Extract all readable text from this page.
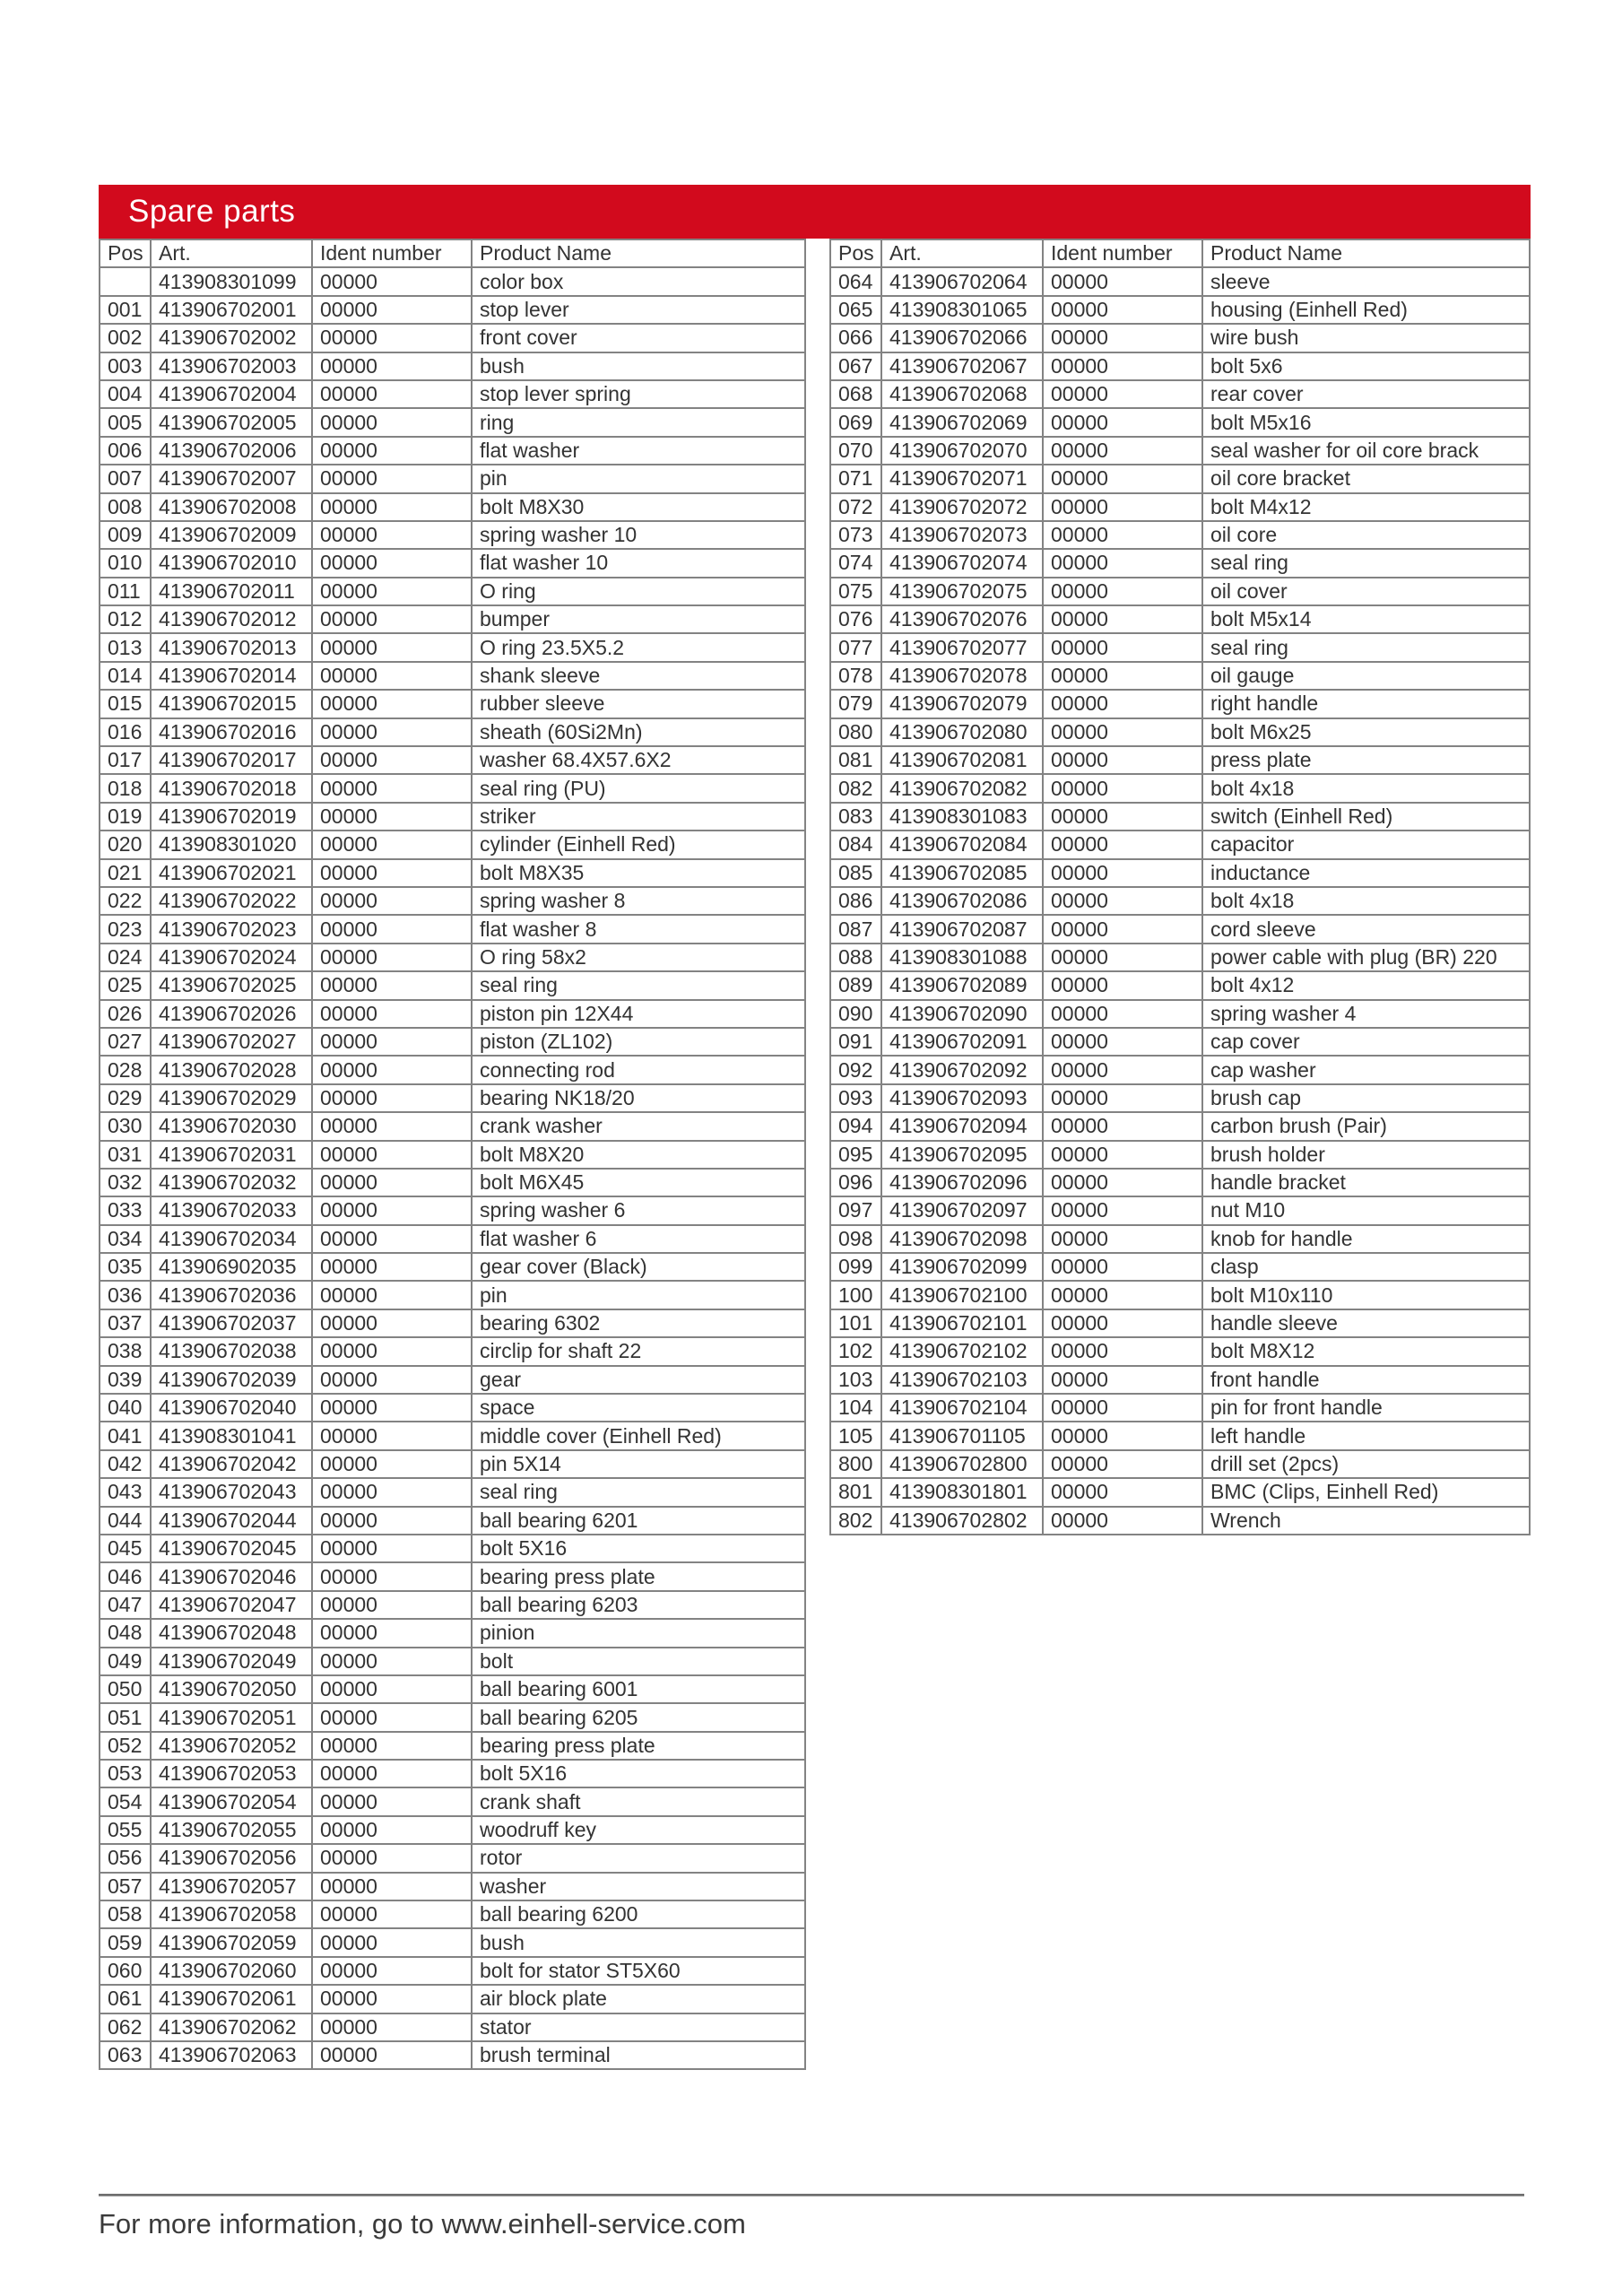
Spare parts
Pos	Art.	Ident number	Product Name
	413908301099	00000	color box
001	413906702001	00000	stop lever
002	413906702002	00000	front cover
003	413906702003	00000	bush
004	413906702004	00000	stop lever spring
005	413906702005	00000	ring
006	413906702006	00000	flat washer
007	413906702007	00000	pin
008	413906702008	00000	bolt M8X30
009	413906702009	00000	spring washer 10
010	413906702010	00000	flat washer 10
011	413906702011	00000	O ring
012	413906702012	00000	bumper
013	413906702013	00000	O ring 23.5X5.2
014	413906702014	00000	shank sleeve
015	413906702015	00000	rubber sleeve
016	413906702016	00000	sheath (60Si2Mn)
017	413906702017	00000	washer 68.4X57.6X2
018	413906702018	00000	seal ring (PU)
019	413906702019	00000	striker
020	413908301020	00000	cylinder (Einhell Red)
021	413906702021	00000	bolt M8X35
022	413906702022	00000	spring washer 8
023	413906702023	00000	flat washer 8
024	413906702024	00000	O ring 58x2
025	413906702025	00000	seal ring
026	413906702026	00000	piston pin 12X44
027	413906702027	00000	piston (ZL102)
028	413906702028	00000	connecting rod
029	413906702029	00000	bearing NK18/20
030	413906702030	00000	crank washer
031	413906702031	00000	bolt M8X20
032	413906702032	00000	bolt M6X45
033	413906702033	00000	spring washer 6
034	413906702034	00000	flat washer 6
035	413906902035	00000	gear cover (Black)
036	413906702036	00000	pin
037	413906702037	00000	bearing 6302
038	413906702038	00000	circlip for shaft 22
039	413906702039	00000	gear
040	413906702040	00000	space
041	413908301041	00000	middle cover (Einhell Red)
042	413906702042	00000	pin 5X14
043	413906702043	00000	seal ring
044	413906702044	00000	ball bearing 6201
045	413906702045	00000	bolt 5X16
046	413906702046	00000	bearing press plate
047	413906702047	00000	ball bearing 6203
048	413906702048	00000	pinion
049	413906702049	00000	bolt
050	413906702050	00000	ball bearing 6001
051	413906702051	00000	ball bearing 6205
052	413906702052	00000	bearing press plate
053	413906702053	00000	bolt 5X16
054	413906702054	00000	crank shaft
055	413906702055	00000	woodruff key
056	413906702056	00000	rotor
057	413906702057	00000	washer
058	413906702058	00000	ball bearing 6200
059	413906702059	00000	bush
060	413906702060	00000	bolt for stator ST5X60
061	413906702061	00000	air block plate
062	413906702062	00000	stator
063	413906702063	00000	brush terminal
Pos	Art.	Ident number	Product Name
064	413906702064	00000	sleeve
065	413908301065	00000	housing (Einhell Red)
066	413906702066	00000	wire bush
067	413906702067	00000	bolt 5x6
068	413906702068	00000	rear cover
069	413906702069	00000	bolt M5x16
070	413906702070	00000	seal washer for oil core brack
071	413906702071	00000	oil core bracket
072	413906702072	00000	bolt M4x12
073	413906702073	00000	oil core
074	413906702074	00000	seal ring
075	413906702075	00000	oil cover
076	413906702076	00000	bolt M5x14
077	413906702077	00000	seal ring
078	413906702078	00000	oil gauge
079	413906702079	00000	right handle
080	413906702080	00000	bolt M6x25
081	413906702081	00000	press plate
082	413906702082	00000	bolt 4x18
083	413908301083	00000	switch (Einhell Red)
084	413906702084	00000	capacitor
085	413906702085	00000	inductance
086	413906702086	00000	bolt 4x18
087	413906702087	00000	cord sleeve
088	413908301088	00000	power cable with plug (BR) 220
089	413906702089	00000	bolt 4x12
090	413906702090	00000	spring washer 4
091	413906702091	00000	cap cover
092	413906702092	00000	cap washer
093	413906702093	00000	brush cap
094	413906702094	00000	carbon brush (Pair)
095	413906702095	00000	brush holder
096	413906702096	00000	handle bracket
097	413906702097	00000	nut M10
098	413906702098	00000	knob for handle
099	413906702099	00000	clasp
100	413906702100	00000	bolt M10x110
101	413906702101	00000	handle sleeve
102	413906702102	00000	bolt M8X12
103	413906702103	00000	front handle
104	413906702104	00000	pin for front handle
105	413906701105	00000	left handle
800	413906702800	00000	drill set (2pcs)
801	413908301801	00000	BMC (Clips, Einhell Red)
802	413906702802	00000	Wrench
For more information, go to www.einhell-service.com
